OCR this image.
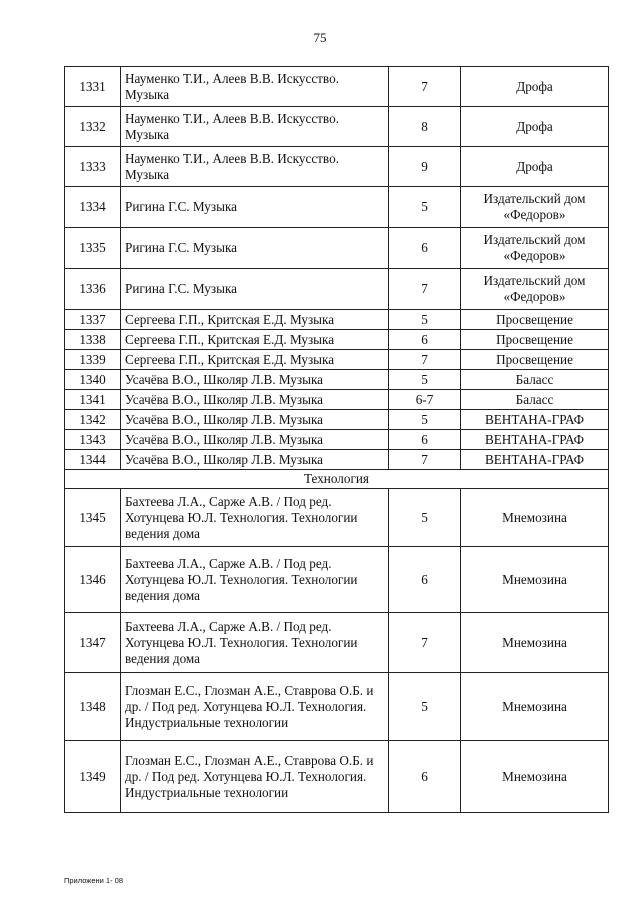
75
1331	Науменко Т.И., Алеев В.В. Искусство. Музыка	7	Дрофа
1332	Науменко Т.И., Алеев В.В. Искусство. Музыка	8	Дрофа
1333	Науменко Т.И., Алеев В.В. Искусство. Музыка	9	Дрофа
1334	Ригина Г.С. Музыка	5	Издательский дом «Федоров»
1335	Ригина Г.С. Музыка	6	Издательский дом «Федоров»
1336	Ригина Г.С. Музыка	7	Издательский дом «Федоров»
1337	Сергеева Г.П., Критская Е.Д. Музыка	5	Просвещение
1338	Сергеева Г.П., Критская Е.Д. Музыка	6	Просвещение
1339	Сергеева Г.П., Критская Е.Д. Музыка	7	Просвещение
1340	Усачёва В.О., Школяр Л.В. Музыка	5	Баласс
1341	Усачёва В.О., Школяр Л.В. Музыка	6-7	Баласс
1342	Усачёва В.О., Школяр Л.В. Музыка	5	ВЕНТАНА-ГРАФ
1343	Усачёва В.О., Школяр Л.В. Музыка	6	ВЕНТАНА-ГРАФ
1344	Усачёва В.О., Школяр Л.В. Музыка	7	ВЕНТАНА-ГРАФ
Технология			
1345	Бахтеева Л.А., Сарже А.В. / Под ред. Хотунцева Ю.Л. Технология. Технологии ведения дома	5	Мнемозина
1346	Бахтеева Л.А., Сарже А.В. / Под ред. Хотунцева Ю.Л. Технология. Технологии ведения дома	6	Мнемозина
1347	Бахтеева Л.А., Сарже А.В. / Под ред. Хотунцева Ю.Л. Технология. Технологии ведения дома	7	Мнемозина
1348	Глозман Е.С., Глозман А.Е., Ставрова О.Б. и др. / Под ред. Хотунцева Ю.Л. Технология. Индустриальные технологии	5	Мнемозина
1349	Глозман Е.С., Глозман А.Е., Ставрова О.Б. и др. / Под ред. Хотунцева Ю.Л. Технология. Индустриальные технологии	6	Мнемозина
Приложени 1- 08
